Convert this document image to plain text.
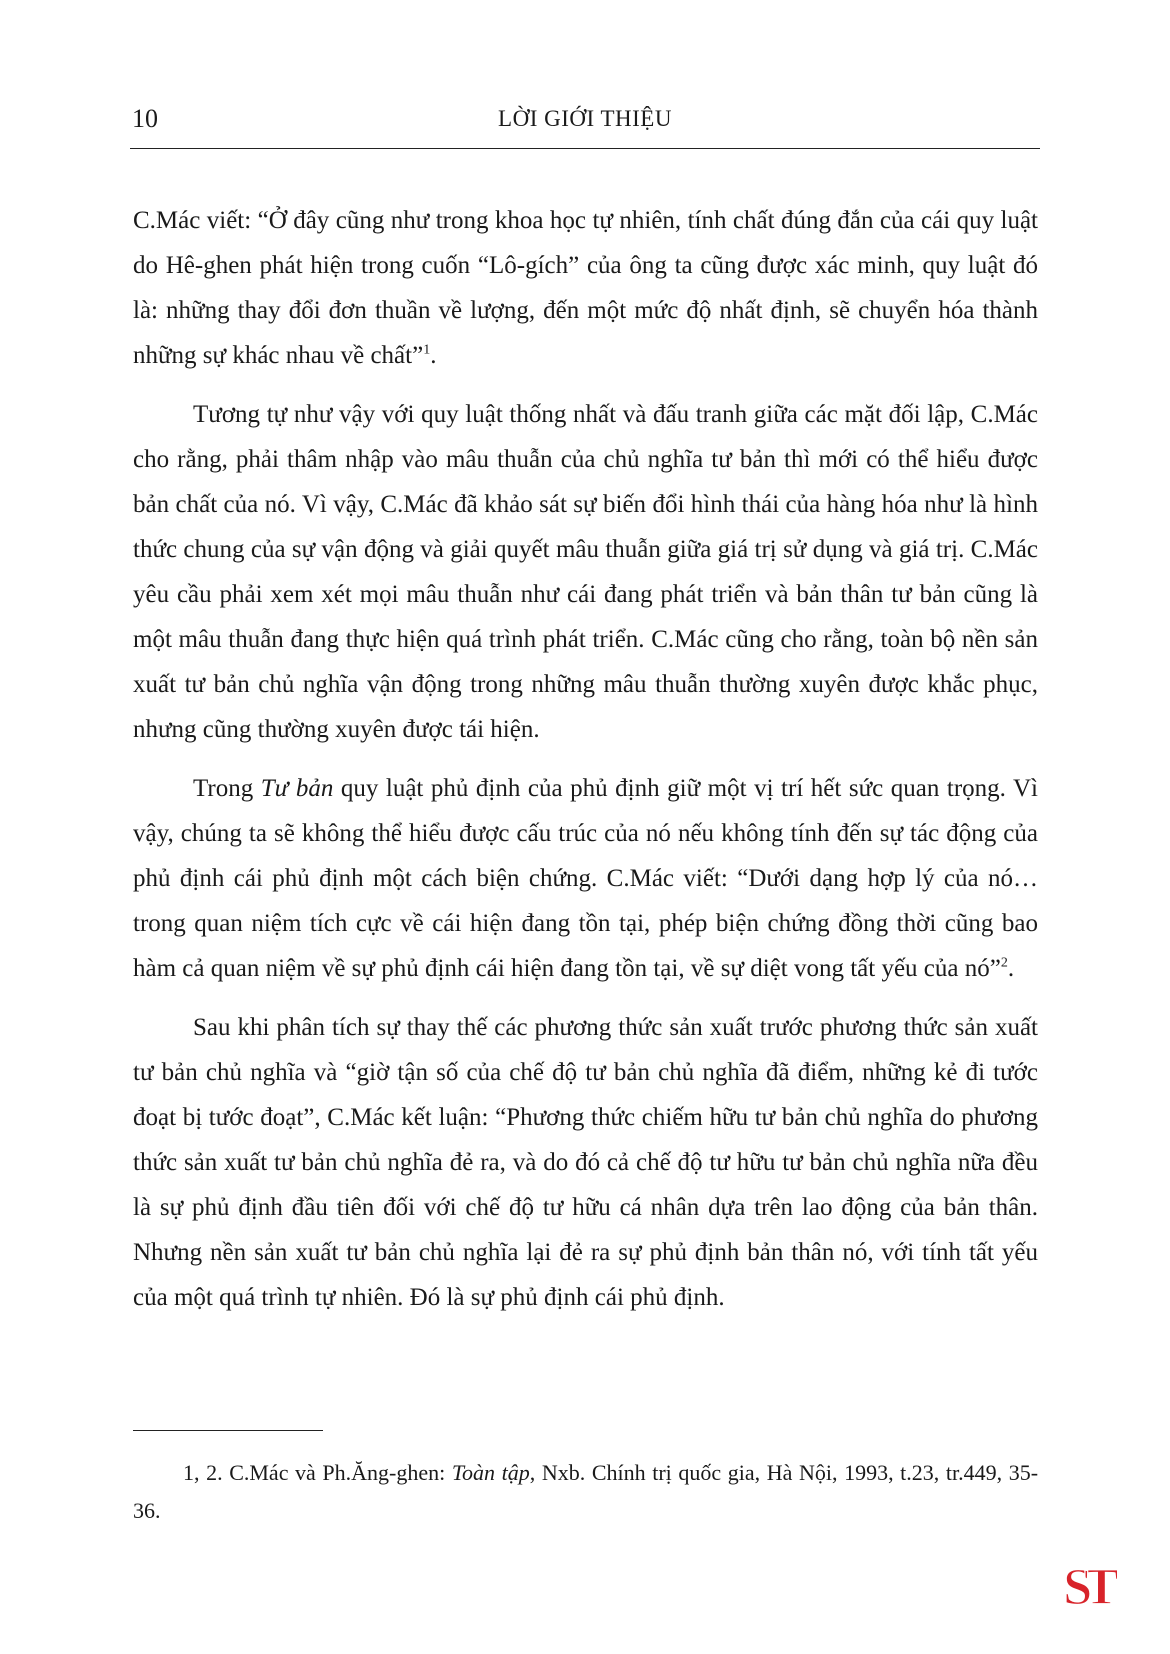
10	LỜI GIỚI THIỆU

C.Mác viết: “Ở đây cũng như trong khoa học tự nhiên, tính chất đúng đắn của cái quy luật do Hê-ghen phát hiện trong cuốn “Lô-gích” của ông ta cũng được xác minh, quy luật đó là: những thay đổi đơn thuần về lượng, đến một mức độ nhất định, sẽ chuyển hóa thành những sự khác nhau về chất”$^1$.

Tương tự như vậy với quy luật thống nhất và đấu tranh giữa các mặt đối lập, C.Mác cho rằng, phải thâm nhập vào mâu thuẫn của chủ nghĩa tư bản thì mới có thể hiểu được bản chất của nó. Vì vậy, C.Mác đã khảo sát sự biến đổi hình thái của hàng hóa như là hình thức chung của sự vận động và giải quyết mâu thuẫn giữa giá trị sử dụng và giá trị. C.Mác yêu cầu phải xem xét mọi mâu thuẫn như cái đang phát triển và bản thân tư bản cũng là một mâu thuẫn đang thực hiện quá trình phát triển. C.Mác cũng cho rằng, toàn bộ nền sản xuất tư bản chủ nghĩa vận động trong những mâu thuẫn thường xuyên được khắc phục, nhưng cũng thường xuyên được tái hiện.

Trong Tư bản quy luật phủ định của phủ định giữ một vị trí hết sức quan trọng. Vì vậy, chúng ta sẽ không thể hiểu được cấu trúc của nó nếu không tính đến sự tác động của phủ định cái phủ định một cách biện chứng. C.Mác viết: “Dưới dạng hợp lý của nó… trong quan niệm tích cực về cái hiện đang tồn tại, phép biện chứng đồng thời cũng bao hàm cả quan niệm về sự phủ định cái hiện đang tồn tại, về sự diệt vong tất yếu của nó”$^2$.

Sau khi phân tích sự thay thế các phương thức sản xuất trước phương thức sản xuất tư bản chủ nghĩa và “giờ tận số của chế độ tư bản chủ nghĩa đã điểm, những kẻ đi tước đoạt bị tước đoạt”, C.Mác kết luận: “Phương thức chiếm hữu tư bản chủ nghĩa do phương thức sản xuất tư bản chủ nghĩa đẻ ra, và do đó cả chế độ tư hữu tư bản chủ nghĩa nữa đều là sự phủ định đầu tiên đối với chế độ tư hữu cá nhân dựa trên lao động của bản thân. Nhưng nền sản xuất tư bản chủ nghĩa lại đẻ ra sự phủ định bản thân nó, với tính tất yếu của một quá trình tự nhiên. Đó là sự phủ định cái phủ định.

1, 2. C.Mác và Ph.Ăng-ghen: Toàn tập, Nxb. Chính trị quốc gia, Hà Nội, 1993, t.23, tr.449, 35-36.
ST
